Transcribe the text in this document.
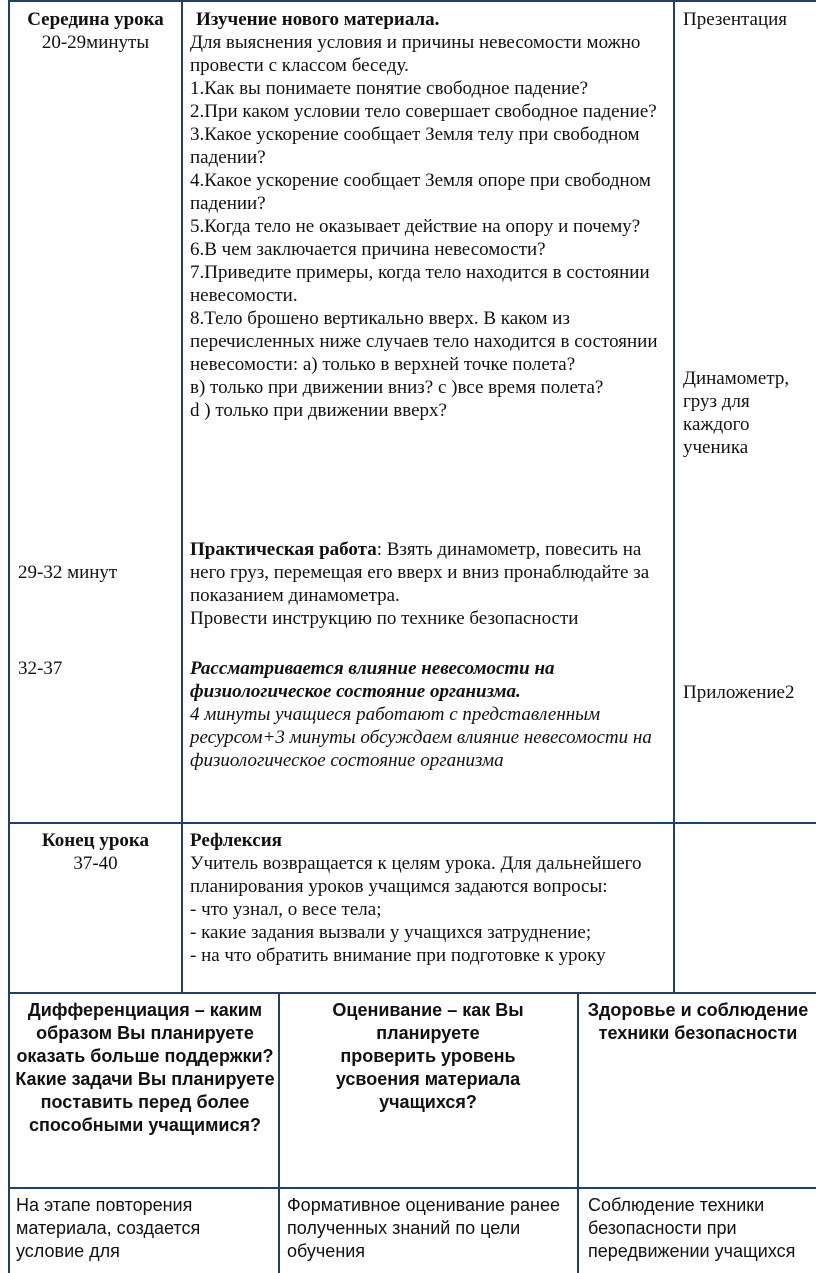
Середина урока

20-29минуты

29-32 минут
32-37

Изучение нового материала.

Для выяснения условия и причины невесомости можно провести с классом беседу.

1.Как вы понимаете понятие свободное падение?

2.При каком условии тело совершает свободное падение?

3.Какое ускорение сообщает Земля телу при свободном падении?

4.Какое ускорение сообщает Земля опоре при свободном падении?

5.Когда тело не оказывает действие на опору и почему?

6.В чем заключается причина невесомости?

7.Приведите примеры, когда тело находится в состоянии невесомости.

8.Тело брошено вертикально вверх. В каком из перечисленных ниже случаев тело находится в состоянии невесомости: а) только в верхней точке полета?

в) только при движении вниз? с )все время полета?

d ) только при движении вверх?

Практическая работа: Взять динамометр, повесить на него груз, перемещая его вверх и вниз пронаблюдайте за показанием динамометра.

Провести инструкцию по технике безопасности

Рассматривается влияние невесомости на физиологическое состояние организма.

4 минуты учащиеся работают с представленным ресурсом+3 минуты обсуждаем влияние невесомости на физиологическое состояние организма

Презентация
Динамометр, груз для каждого ученика
Приложение2

Конец урока

37-40

Рефлексия

Учитель возвращается к целям урока. Для дальнейшего планирования уроков учащимся задаются вопросы:

- что узнал, о весе тела;

- какие задания вызвали у учащихся затруднение;

- на что обратить внимание при подготовке к уроку

Дифференциация – каким образом Вы планируете оказать больше поддержки? Какие задачи Вы планируете поставить перед более способными учащимися?
Оценивание – как Вы планируете проверить уровень усвоения материала учащихся?
Здоровье и соблюдение техники безопасности
На этапе повторения материала, создается условие для
Формативное оценивание ранее полученных знаний по цели обучения
Соблюдение техники безопасности при передвижении учащихся
